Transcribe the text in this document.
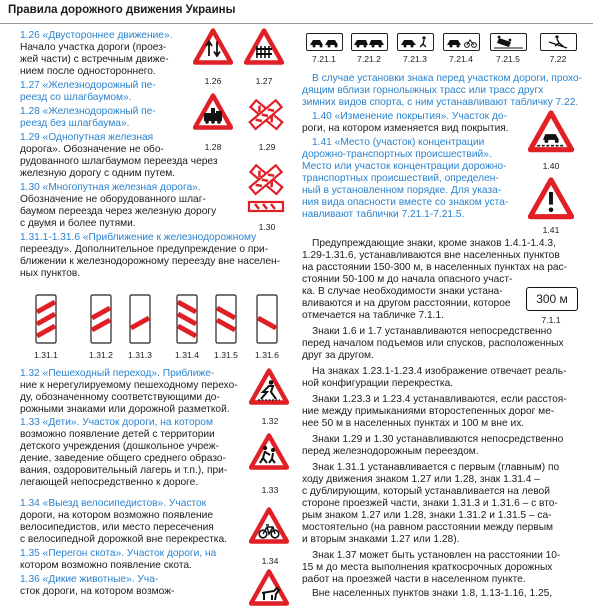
Правила дорожного движения Украины

1.26 «Двустороннее движение».

Начало участка дороги (проез-

жей части) с встречным движе-

нием после одностороннего.

1.27 «Железнодорожный пе-

реезд со шлагбаумом».

1.28 «Железнодорожный пе-

реезд без шлагбаума».

1.29 «Однопутная железная

дорога». Обозначение не обо-

рудованного шлагбаумом переезда через

железную дорогу с одним путем.

1.30 «Многопутная железная дорога».

Обозначение не оборудованного шлаг-

баумом переезда через железную дорогу

с двумя и более путями.

1.31.1-1.31.6 «Приближение к железнодорожному

переезду». Дополнительное предупреждение о при-

ближении к железнодорожному переезду вне населен-

ных пунктов.

1.32 «Пешеходный переход». Приближе-

ние к нерегулируемому пешеходному перехо-

ду, обозначенному соответствующими до-

рожными знаками или дорожной разметкой.

1.33 «Дети». Участок дороги, на котором

возможно появление детей с территории

детского учреждения (дошкольное учреж-

дение, заведение общего среднего образо-

вания, оздоровительный лагерь и т.п.), при-

легающей непосредственно к дороге.

1.34 «Выезд велосипедистов». Участок

дороги, на котором возможно появление

велосипедистов, или место пересечения

с велосипедной дорожкой вне перекрестка.

1.35 «Перегон скота». Участок дороги, на

котором возможно появление скота.

1.36 «Дикие животные». Уча-

сток дороги, на котором возмож-

1.26	1.27
1.28	1.29
1.30
1.31.1	1.31.2	1.31.3	1.31.4	1.31.5	1.31.6
1.32
1.33
1.34
7.21.1	7.21.2	7.21.3	7.21.4	7.21.5	7.22

В случае установки знака перед участком дороги, прохо-

дящим вблизи горнолыжных трасс или трасс другх

зимних видов спорта, с ним устанавливают табличку 7.22.

1.40 «Изменение покрытия». Участок до-

роги, на котором изменяется вид покрытия.

1.41 «Место (участок) концентрации

дорожно-транспортных происшествий».

Место или участок концентрации дорожно-

транспортных происшествий, определен-

ный в установленном порядке. Для указа-

ния вида опасности вместе со знаком уста-

навливают таблички 7.21.1-7.21.5.

Предупреждающие знаки, кроме знаков 1.4.1-1.4.3,

1.29-1.31.6, устанавливаются вне населенных пунктов

на расстоянии 150-300 м, в населенных пунктах на рас-

стоянии 50-100 м до начала опасного участ-

ка. В случае необходимости знаки устана-

вливаются и на другом расстоянии, которое

отмечается на табличке 7.1.1.

Знаки 1.6 и 1.7 устанавливаются непосредственно

перед началом подъемов или спусков, расположенных

друг за другом.

На знаках 1.23.1-1.23.4 изображение отвечает реаль-

ной конфигурации перекрестка.

Знаки 1.23.3 и 1.23.4 устанавливаются, если расстоя-

ние между примыканиями второстепенных дорог ме-

нее 50 м в населенных пунктах и 100 м вне их.

Знаки 1.29 и 1.30 устанавливаются непосредственно

перед железнодорожным переездом.

Знак 1.31.1 устанавливается с первым (главным) по

ходу движения знаком 1.27 или 1.28, знак 1.31.4 –

с дублирующим, который устанавливается на левой

стороне проезжей части, знаки 1.31.3 и 1.31.6 – с вто-

рым знаком 1.27 или 1.28, знаки 1.31.2 и 1.31.5 – са-

мостоятельно (на равном расстоянии между первым

и вторым знаками 1.27 или 1.28).

Знак 1.37 может быть установлен на расстоянии 10-

15 м до места выполнения краткосрочных дорожных

работ на проезжей части в населенном пункте.

Вне населенных пунктов знаки 1.8, 1.13-1.16, 1.25,

1.40
1.41
300 м
7.1.1
